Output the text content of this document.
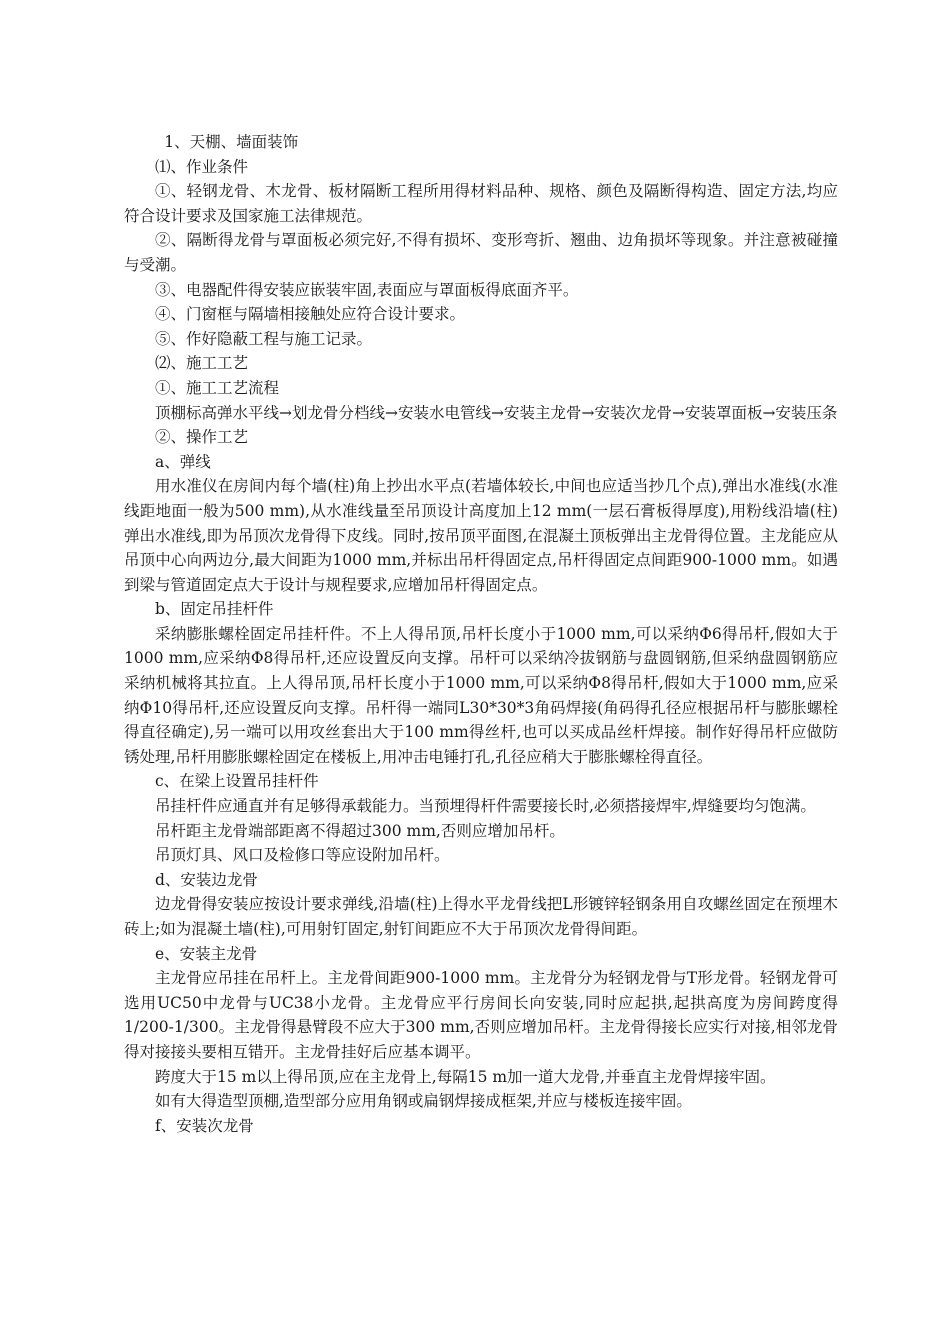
1、天棚、墙面装饰

⑴、作业条件

①、轻钢龙骨、木龙骨、板材隔断工程所用得材料品种、规格、颜色及隔断得构造、固定方法,均应符合设计要求及国家施工法律规范。

②、隔断得龙骨与罩面板必须完好,不得有损坏、变形弯折、翘曲、边角损坏等现象。并注意被碰撞与受潮。

③、电器配件得安装应嵌装牢固,表面应与罩面板得底面齐平。

④、门窗框与隔墙相接触处应符合设计要求。

⑤、作好隐蔽工程与施工记录。

⑵、施工工艺

①、施工工艺流程

顶棚标高弹水平线→划龙骨分档线→安装水电管线→安装主龙骨→安装次龙骨→安装罩面板→安装压条

②、操作工艺

a、弹线

用水准仪在房间内每个墙(柱)角上抄出水平点(若墙体较长,中间也应适当抄几个点),弹出水准线(水准线距地面一般为500 mm),从水准线量至吊顶设计高度加上12 mm(一层石膏板得厚度),用粉线沿墙(柱)弹出水准线,即为吊顶次龙骨得下皮线。同时,按吊顶平面图,在混凝土顶板弹出主龙骨得位置。主龙能应从吊顶中心向两边分,最大间距为1000 mm,并标出吊杆得固定点,吊杆得固定点间距900-1000 mm。如遇到梁与管道固定点大于设计与规程要求,应增加吊杆得固定点。

b、固定吊挂杆件

采纳膨胀螺栓固定吊挂杆件。不上人得吊顶,吊杆长度小于1000 mm,可以采纳Φ6得吊杆,假如大于1000 mm,应采纳Φ8得吊杆,还应设置反向支撑。吊杆可以采纳冷拔钢筋与盘圆钢筋,但采纳盘圆钢筋应采纳机械将其拉直。上人得吊顶,吊杆长度小于1000 mm,可以采纳Φ8得吊杆,假如大于1000 mm,应采纳Φ10得吊杆,还应设置反向支撑。吊杆得一端同L30*30*3角码焊接(角码得孔径应根据吊杆与膨胀螺栓得直径确定),另一端可以用攻丝套出大于100 mm得丝杆,也可以买成品丝杆焊接。制作好得吊杆应做防锈处理,吊杆用膨胀螺栓固定在楼板上,用冲击电锤打孔,孔径应稍大于膨胀螺栓得直径。

c、在梁上设置吊挂杆件

吊挂杆件应通直并有足够得承载能力。当预埋得杆件需要接长时,必须搭接焊牢,焊缝要均匀饱满。

吊杆距主龙骨端部距离不得超过300 mm,否则应增加吊杆。

吊顶灯具、风口及检修口等应设附加吊杆。

d、安装边龙骨

边龙骨得安装应按设计要求弹线,沿墙(柱)上得水平龙骨线把L形镀锌轻钢条用自攻螺丝固定在预埋木砖上;如为混凝土墙(柱),可用射钉固定,射钉间距应不大于吊顶次龙骨得间距。

e、安装主龙骨

主龙骨应吊挂在吊杆上。主龙骨间距900-1000 mm。主龙骨分为轻钢龙骨与T形龙骨。轻钢龙骨可选用UC50中龙骨与UC38小龙骨。主龙骨应平行房间长向安装,同时应起拱,起拱高度为房间跨度得1/200-1/300。主龙骨得悬臂段不应大于300 mm,否则应增加吊杆。主龙骨得接长应实行对接,相邻龙骨得对接接头要相互错开。主龙骨挂好后应基本调平。

跨度大于15 m以上得吊顶,应在主龙骨上,每隔15 m加一道大龙骨,并垂直主龙骨焊接牢固。

如有大得造型顶棚,造型部分应用角钢或扁钢焊接成框架,并应与楼板连接牢固。

f、安装次龙骨
